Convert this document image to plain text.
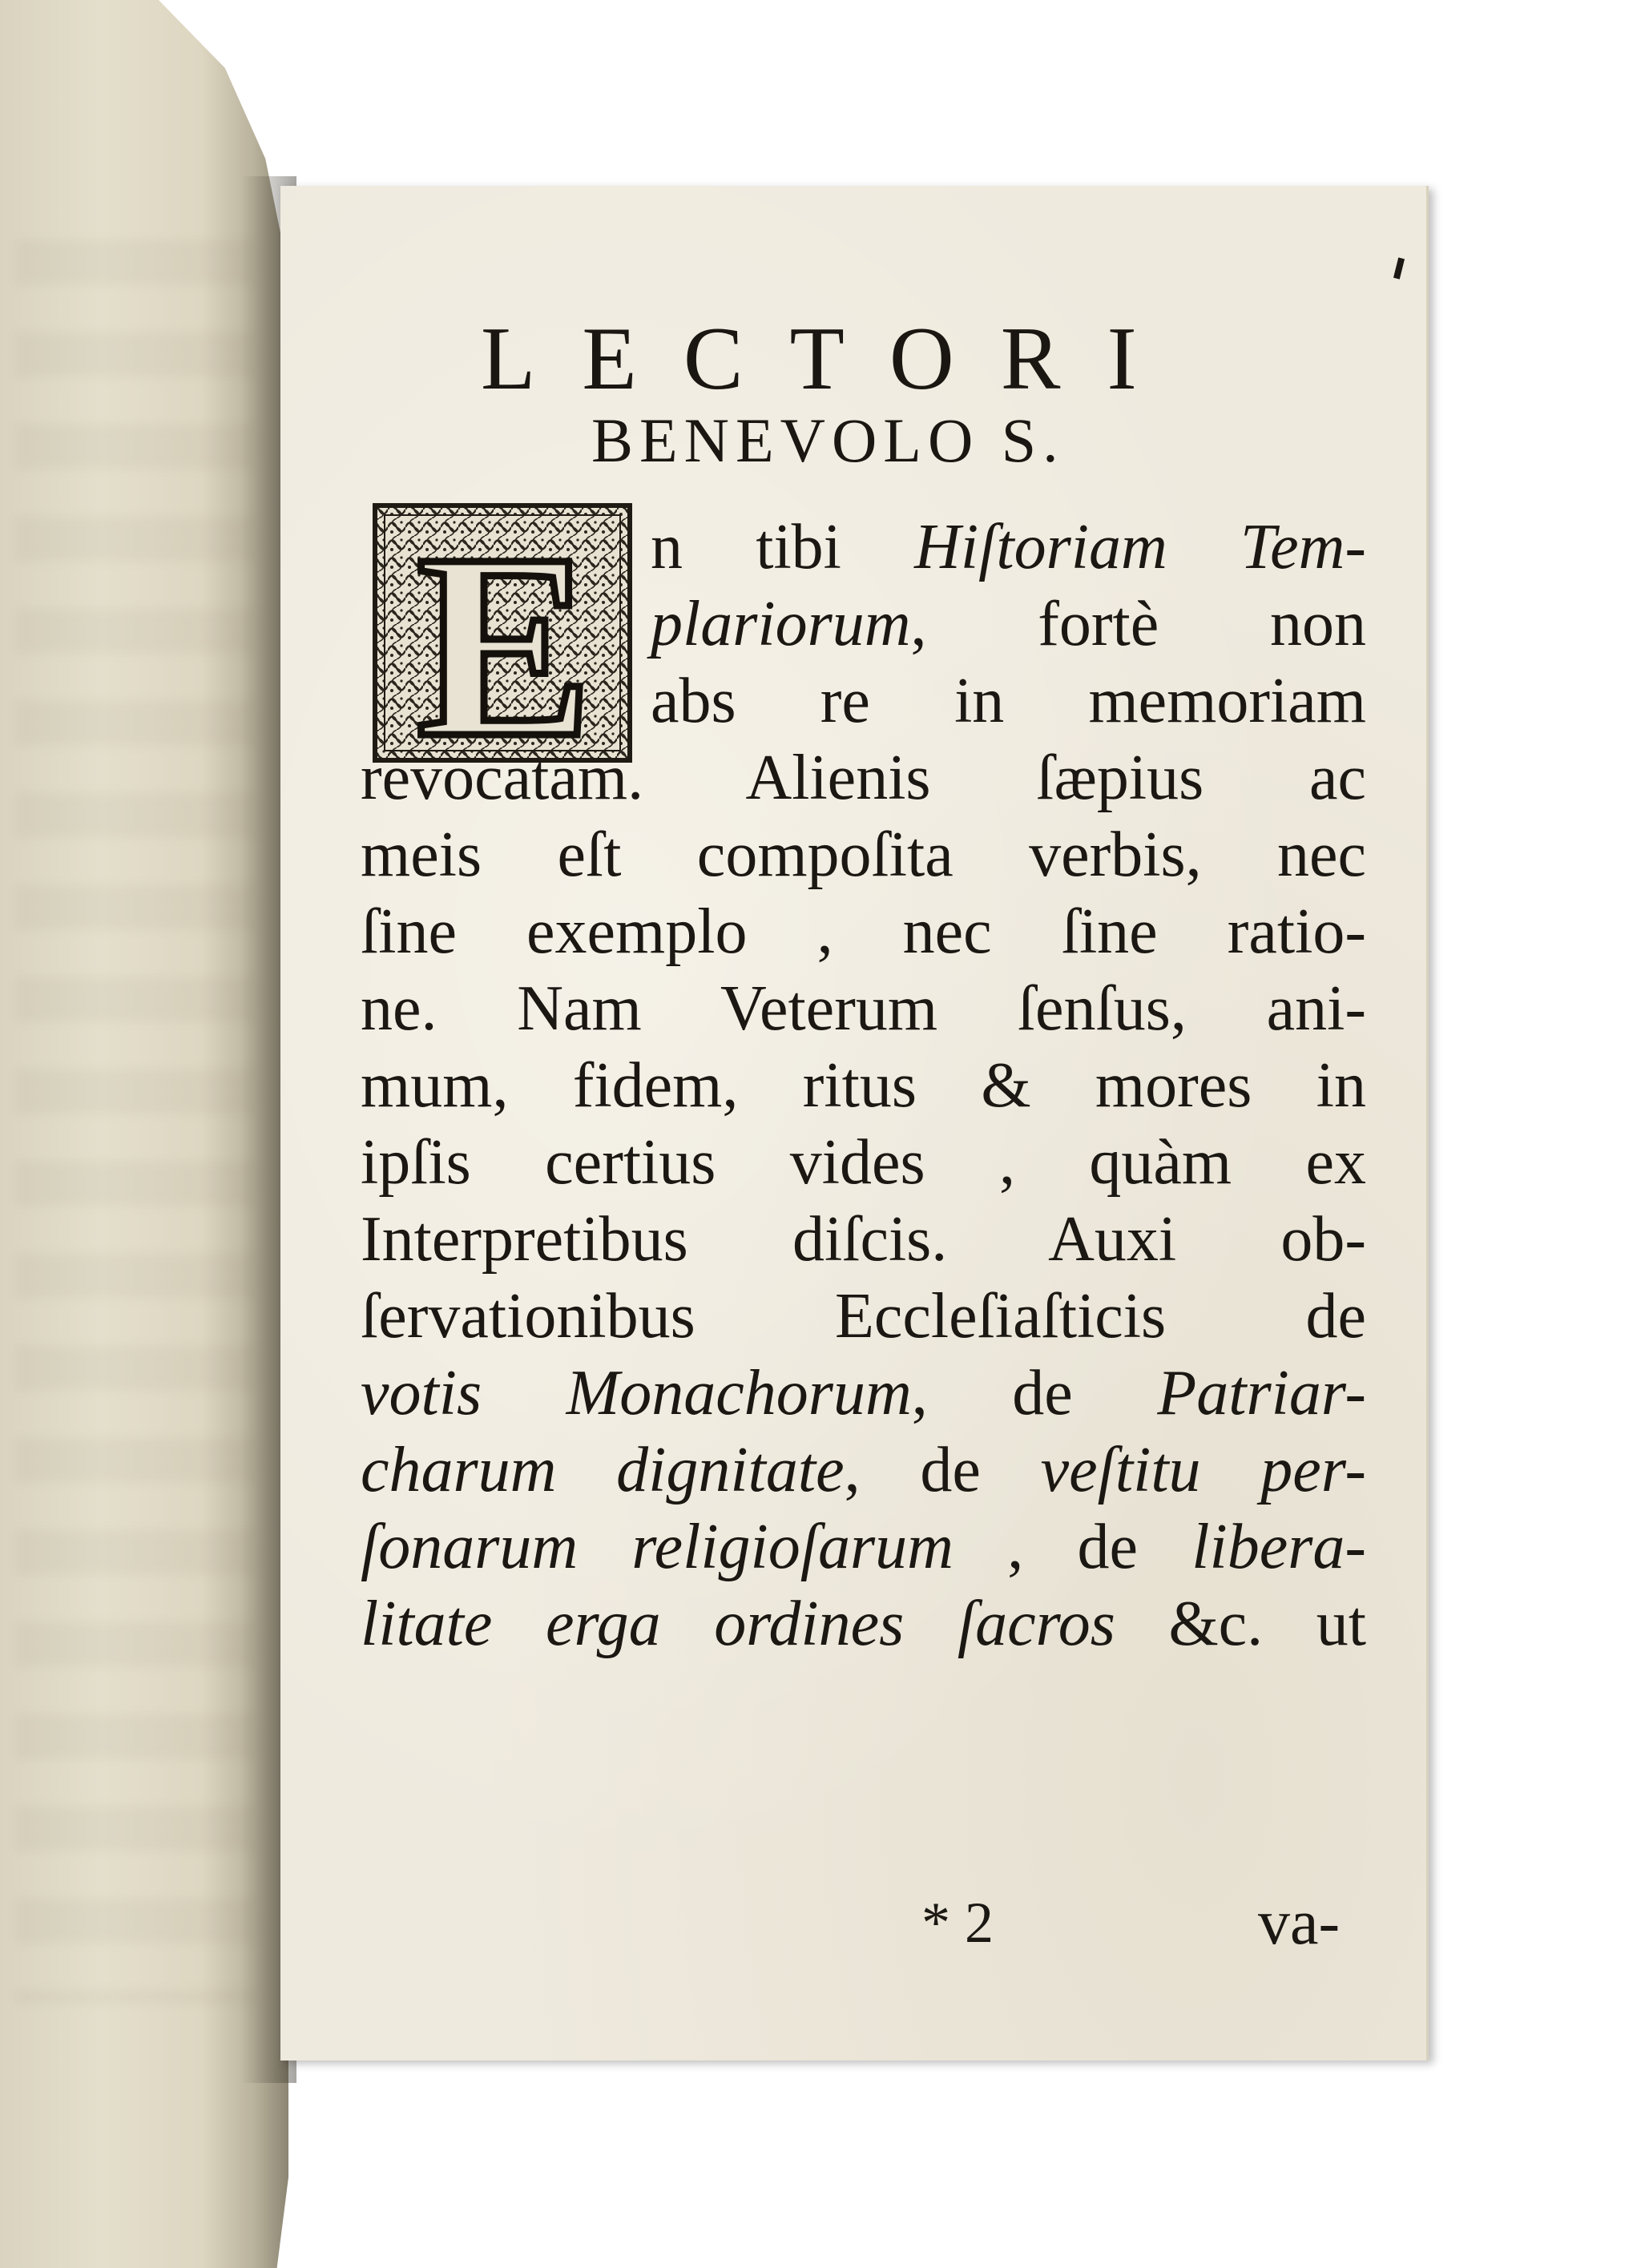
LECTORI
BENEVOLO S.
E n tibi Hiſtoriam Tem-
plariorum, fortè non
abs re in memoriam
revocatam. Alienis ſæpius ac
meis eſt compoſita verbis, nec
ſine exemplo , nec ſine ratio-
ne. Nam Veterum ſenſus, ani-
mum, fidem, ritus & mores in
ipſis certius vides , quàm ex
Interpretibus diſcis. Auxi ob-
ſervationibus Eccleſiaſticis de
votis Monachorum, de Patriar-
charum dignitate, de veſtitu per-
ſonarum religioſarum , de libera-
litate erga ordines ſacros &c. ut
* 2	va-
